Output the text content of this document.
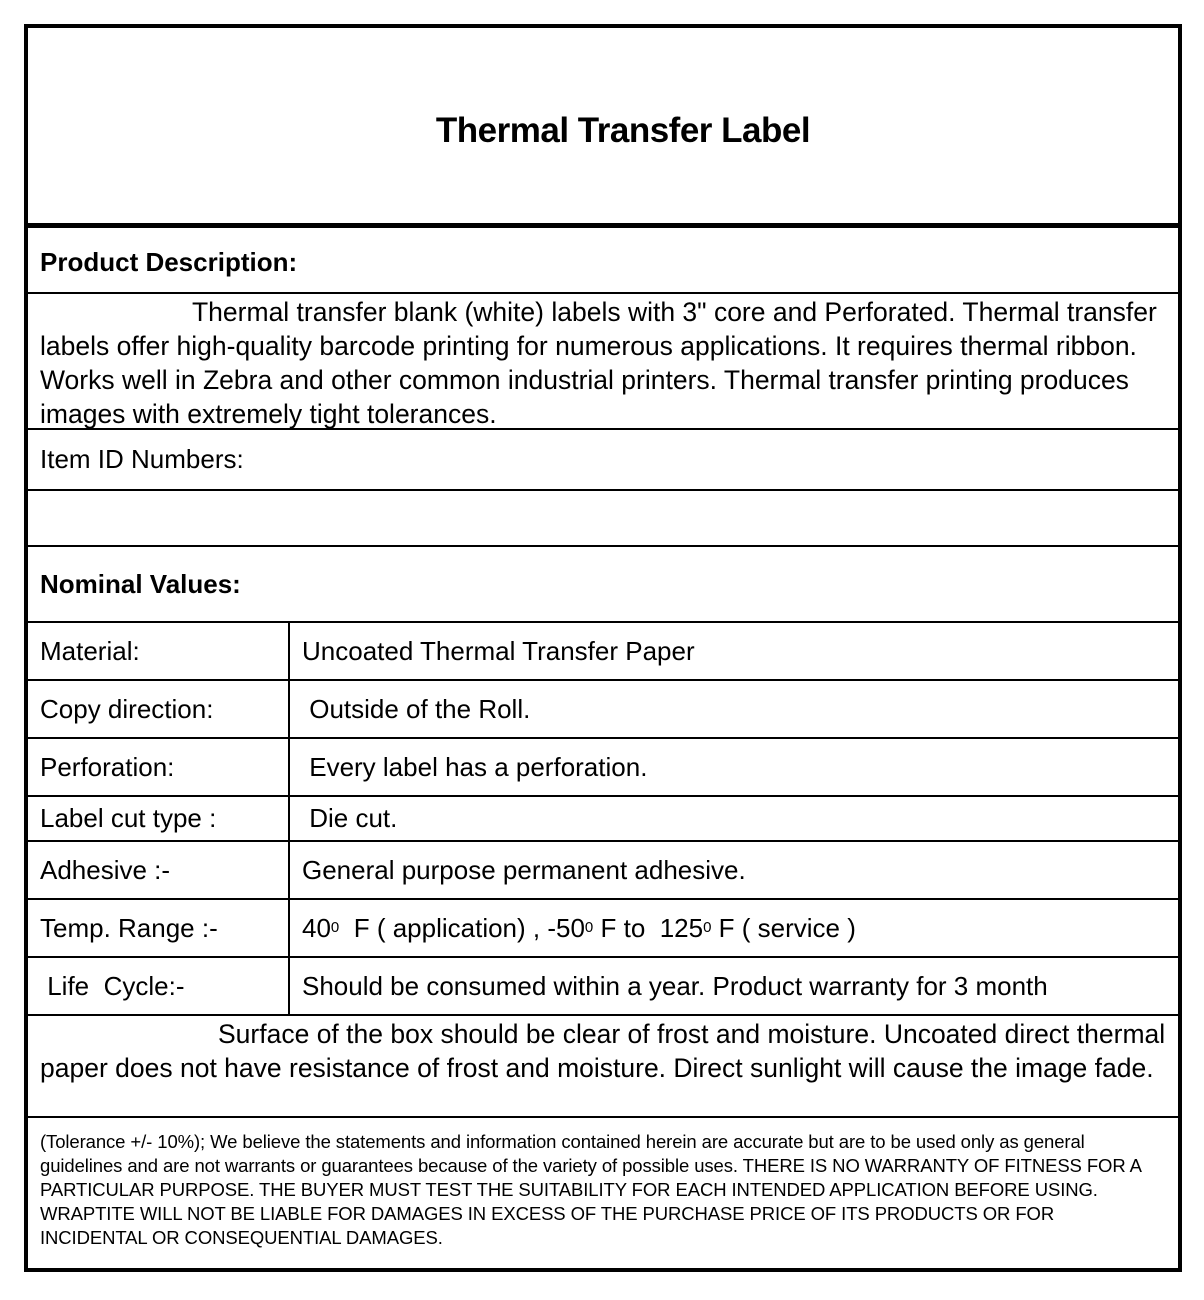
Thermal Transfer Label
Product Description:
Thermal transfer blank (white) labels with 3" core and Perforated. Thermal transfer labels offer high-quality barcode printing for numerous applications. It requires thermal ribbon. Works well in Zebra and other common industrial printers. Thermal transfer printing produces images with extremely tight tolerances.
Item ID Numbers:
Nominal Values:
Material:	Uncoated Thermal Transfer Paper
Copy direction:	Outside of the Roll.
Perforation:	Every label has a perforation.
Label cut type :	Die cut.
Adhesive :-	General purpose permanent adhesive.
Temp. Range :-	40 0 F ( application) , -50 0 F to  125 0 F ( service )
Life  Cycle:-	Should be consumed within a year. Product warranty for 3 month
Surface of the box should be clear of frost and moisture. Uncoated direct thermal paper does not have resistance of frost and moisture. Direct sunlight will cause the image fade.
(Tolerance +/- 10%); We believe the statements and information contained herein are accurate but are to be used only as general guidelines and are not warrants or guarantees because of the variety of possible uses. THERE IS NO WARRANTY OF FITNESS FOR A PARTICULAR PURPOSE. THE BUYER MUST TEST THE SUITABILITY FOR EACH INTENDED APPLICATION BEFORE USING. WRAPTITE WILL NOT BE LIABLE FOR DAMAGES IN EXCESS OF THE PURCHASE PRICE OF ITS PRODUCTS OR FOR INCIDENTAL OR CONSEQUENTIAL DAMAGES.
